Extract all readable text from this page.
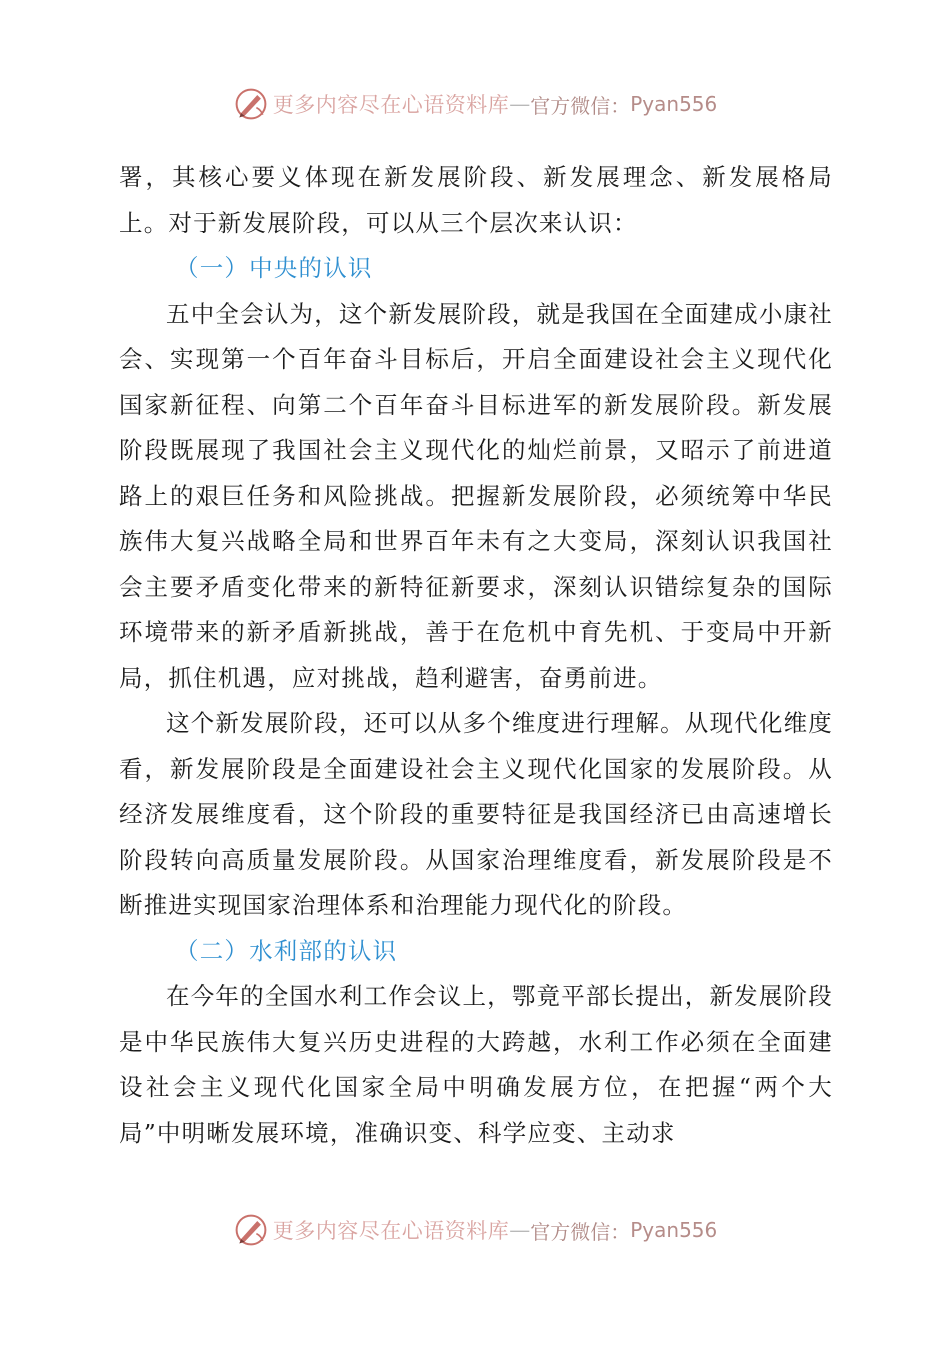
更多内容尽在心语资料库 — 官方微信： Pyan556

署，其核心要义体现在新发展阶段、新发展理念、新发展格局上。对于新发展阶段，可以从三个层次来认识：

（一）中央的认识

五中全会认为，这个新发展阶段，就是我国在全面建成小康社会、实现第一个百年奋斗目标后，开启全面建设社会主义现代化国家新征程、向第二个百年奋斗目标进军的新发展阶段。新发展阶段既展现了我国社会主义现代化的灿烂前景，又昭示了前进道路上的艰巨任务和风险挑战。把握新发展阶段，必须统筹中华民族伟大复兴战略全局和世界百年未有之大变局，深刻认识我国社会主要矛盾变化带来的新特征新要求，深刻认识错综复杂的国际环境带来的新矛盾新挑战，善于在危机中育先机、于变局中开新局，抓住机遇，应对挑战，趋利避害，奋勇前进。

这个新发展阶段，还可以从多个维度进行理解。从现代化维度看，新发展阶段是全面建设社会主义现代化国家的发展阶段。从经济发展维度看，这个阶段的重要特征是我国经济已由高速增长阶段转向高质量发展阶段。从国家治理维度看，新发展阶段是不断推进实现国家治理体系和治理能力现代化的阶段。

（二）水利部的认识

在今年的全国水利工作会议上，鄂竟平部长提出，新发展阶段是中华民族伟大复兴历史进程的大跨越，水利工作必须在全面建设社会主义现代化国家全局中明确发展方位，在把握“两个大局”中明晰发展环境，准确识变、科学应变、主动求

更多内容尽在心语资料库 — 官方微信： Pyan556
